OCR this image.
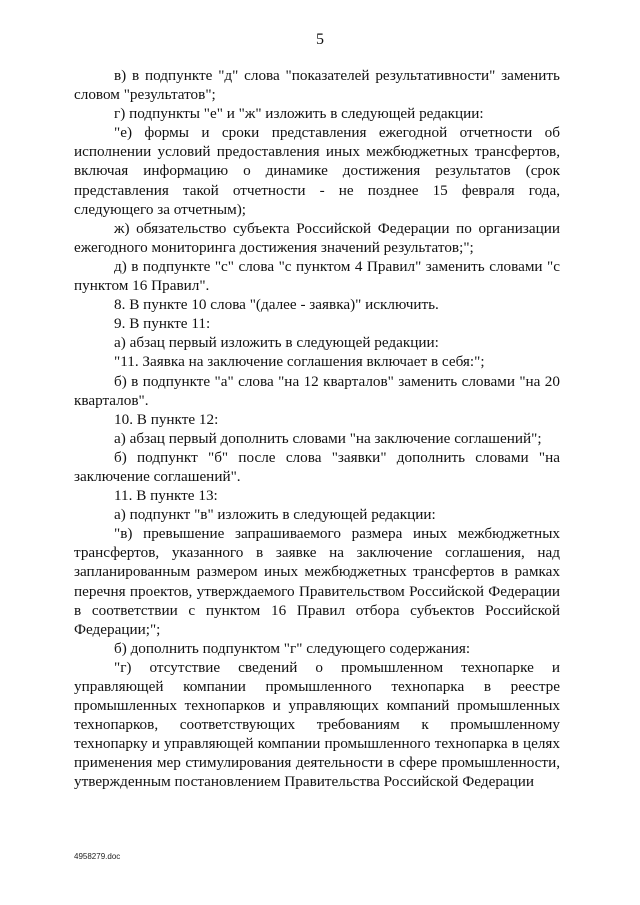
5

в) в подпункте "д" слова "показателей результативности" заменить словом "результатов";

г) подпункты "е" и "ж" изложить в следующей редакции:

"е) формы и сроки представления ежегодной отчетности об исполнении условий предоставления иных межбюджетных трансфертов, включая информацию о динамике достижения результатов (срок представления такой отчетности - не позднее 15 февраля года, следующего за отчетным);

ж) обязательство субъекта Российской Федерации по организации ежегодного мониторинга достижения значений результатов;";

д) в подпункте "с" слова "с пунктом 4 Правил" заменить словами "с пунктом 16 Правил".

8. В пункте 10 слова "(далее - заявка)" исключить.

9. В пункте 11:

а) абзац первый изложить в следующей редакции:

"11. Заявка на заключение соглашения включает в себя:";

б) в подпункте "а" слова "на 12 кварталов" заменить словами "на 20 кварталов".

10. В пункте 12:

а) абзац первый дополнить словами "на заключение соглашений";

б) подпункт "б" после слова "заявки" дополнить словами "на заключение соглашений".

11. В пункте 13:

а) подпункт "в" изложить в следующей редакции:

"в) превышение запрашиваемого размера иных межбюджетных трансфертов, указанного в заявке на заключение соглашения, над запланированным размером иных межбюджетных трансфертов в рамках перечня проектов, утверждаемого Правительством Российской Федерации в соответствии с пунктом 16 Правил отбора субъектов Российской Федерации;";

б) дополнить подпунктом "г" следующего содержания:

"г) отсутствие сведений о промышленном технопарке и управляющей компании промышленного технопарка в реестре промышленных технопарков и управляющих компаний промышленных технопарков, соответствующих требованиям к промышленному технопарку и управляющей компании промышленного технопарка в целях применения мер стимулирования деятельности в сфере промышленности, утвержденным постановлением Правительства Российской Федерации

4958279.doc
